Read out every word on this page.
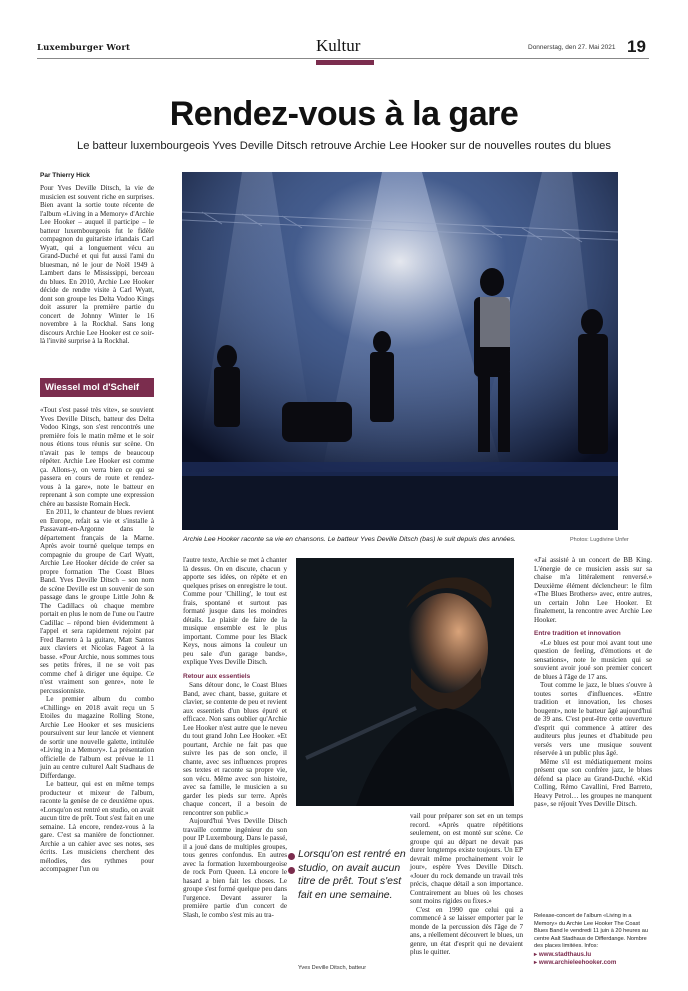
Luxemburger Wort	Kultur	Donnerstag, den 27. Mai 2021 19
Rendez-vous à la gare
Le batteur luxembourgeois Yves Deville Ditsch retrouve Archie Lee Hooker sur de nouvelles routes du blues
Par Thierry Hick

Pour Yves Deville Ditsch, la vie de musicien est souvent riche en surprises. Bien avant la sortie toute récente de l'album «Living in a Memory» d'Archie Lee Hooker – auquel il participe – le batteur luxembourgeois fut le fidèle compagnon du guitariste irlandais Carl Wyatt, qui a longuement vécu au Grand-Duché et qui fut aussi l'ami du bluesman, né le jour de Noël 1949 à Lambert dans le Mississippi, berceau du blues. En 2010, Archie Lee Hooker décide de rendre visite à Carl Wyatt, dont son groupe les Delta Vodoo Kings doit assurer la première partie du concert de Johnny Winter le 16 novembre à la Rockhal. Sans long discours Archie Lee Hooker est ce soir-là l'invité surprise à la Rockhal.

Wiessel mol d'Scheif

«Tout s'est passé très vite», se souvient Yves Deville Ditsch, batteur des Delta Vodoo Kings, son s'est rencontrés une première fois le matin même et le soir nous étions tous réunis sur scène. On n'avait pas le temps de beaucoup répéter. Archie Lee Hooker est comme ça. Allons-y, on verra bien ce qui se passera en cours de route et rendez-vous à la gare», note le batteur en reprenant à son compte une expression chère au bassiste Romain Heck.

En 2011, le chanteur de blues revient en Europe, refait sa vie et s'installe à Passavant-en-Argonne dans le département français de la Marne. Après avoir tourné quelque temps en compagnie du groupe de Carl Wyatt, Archie Lee Hooker décide de créer sa propre formation The Coast Blues Band. Yves Deville Ditsch – son nom de scène Deville est un souvenir de son passage dans le groupe Little John & The Cadillacs où chaque membre portait en plus le nom de l'une ou l'autre Cadillac – répond bien évidemment à l'appel et sera rapidement rejoint par Fred Barreto à la guitare, Matt Santos aux claviers et Nicolas Fageot à la basse. «Pour Archie, nous sommes tous ses petits frères, il ne se voit pas comme chef à diriger une équipe. Ce n'est vraiment son genre», note le percussionniste.

Le premier album du combo «Chilling» en 2018 avait reçu un 5 Etoiles du magazine Rolling Stone, Archie Lee Hooker et ses musiciens poursuivent sur leur lancée et viennent de sortir une nouvelle galette, intitulée «Living in a Memory». La présentation officielle de l'album est prévue le 11 juin au centre culturel Aalt Stadhaus de Differdange.

Le batteur, qui est en même temps producteur et mixeur de l'album, raconte la genèse de ce deuxième opus. «Lorsqu'on est rentré en studio, on avait aucun titre de prêt. Tout s'est fait en une semaine. Là encore, rendez-vous à la gare. C'est sa manière de fonctionner. Archie a un cahier avec ses notes, ses écrits. Les musiciens cherchent des mélodies, des rythmes pour accompagner l'un ou

Archie Lee Hooker raconte sa vie en chansons. Le batteur Yves Deville Ditsch (bas) le suit depuis des années.	Photos: Lugdivine Unfer

l'autre texte, Archie se met à chanter là dessus. On en discute, chacun y apporte ses idées, on répète et en quelques prises on enregistre le tout. Comme pour 'Chilling', le tout est frais, spontané et surtout pas formaté jusque dans les moindres détails. Le plaisir de faire de la musique ensemble est le plus important. Comme pour les Black Keys, nous aimons la couleur un peu sale d'un garage bands», explique Yves Deville Ditsch.

Retour aux essentiels

Sans détour donc, le Coast Blues Band, avec chant, basse, guitare et clavier, se contente de peu et revient aux essentiels d'un blues épuré et efficace. Non sans oublier qu'Archie Lee Hooker n'est autre que le neveu du tout grand John Lee Hooker. «Et pourtant, Archie ne fait pas que suivre les pas de son oncle, il chante, avec ses influences propres ses textes et raconte sa propre vie, son vécu. Même avec son histoire, avec sa famille, le musicien a su garder les pieds sur terre. Après chaque concert, il a besoin de rencontrer son public.»

Aujourd'hui Yves Deville Ditsch travaille comme ingénieur du son pour IP Luxembourg. Dans le passé, il a joué dans de multiples groupes, tous genres confondus. En autres avec la formation luxembourgeoise de rock Porn Queen. Là encore le hasard a bien fait les choses. Le groupe s'est formé quelque peu dans l'urgence. Devant assurer la première partie d'un concert de Slash, le combo s'est mis au tra-

Lorsqu'on est rentré en studio, on avait aucun titre de prêt. Tout s'est fait en une semaine.
Yves Deville Ditsch, batteur

vail pour préparer son set en un temps record. «Après quatre répétitions seulement, on est monté sur scène. Ce groupe qui au départ ne devait pas durer longtemps existe toujours. Un EP devrait même prochainement voir le jour», espère Yves Deville Ditsch. «Jouer du rock demande un travail très précis, chaque détail a son importance. Contrairement au blues où les choses sont moins rigides ou fixes.»

C'est en 1990 que celui qui a commencé à se laisser emporter par le monde de la percussion dès l'âge de 7 ans, a réellement découvert le blues, un genre, un état d'esprit qui ne devaient plus le quitter.

«J'ai assisté à un concert de BB King. L'énergie de ce musicien assis sur sa chaise m'a littéralement renversé.» Deuxième élément déclencheur: le film «The Blues Brothers» avec, entre autres, un certain John Lee Hooker. Et finalement, la rencontre avec Archie Lee Hooker.

Entre tradition et innovation

«Le blues est pour moi avant tout une question de feeling, d'émotions et de sensations», note le musicien qui se souvient avoir joué son premier concert de blues à l'âge de 17 ans.

Tout comme le jazz, le blues s'ouvre à toutes sortes d'influences. «Entre tradition et innovation, les choses bougent», note le batteur âgé aujourd'hui de 39 ans. C'est peut-être cette ouverture d'esprit qui commence à attirer des auditeurs plus jeunes et d'habitude peu versés vers une musique souvent réservée à un public plus âgé.

Même s'il est médiatiquement moins présent que son confrère jazz, le blues défend sa place au Grand-Duché. «Kid Colling, Rémo Cavallini, Fred Barreto, Heavy Petrol… les groupes ne manquent pas», se réjouit Yves Deville Ditsch.

Release-concert de l'album «Living in a Memory» du Archie Lee Hooker The Coast Blues Band le vendredi 11 juin à 20 heures au centre Aalt Stadhaus de Differdange. Nombre des places limitées. Infos:
▸ www.stadthaus.lu
▸ www.archieleehooker.com
